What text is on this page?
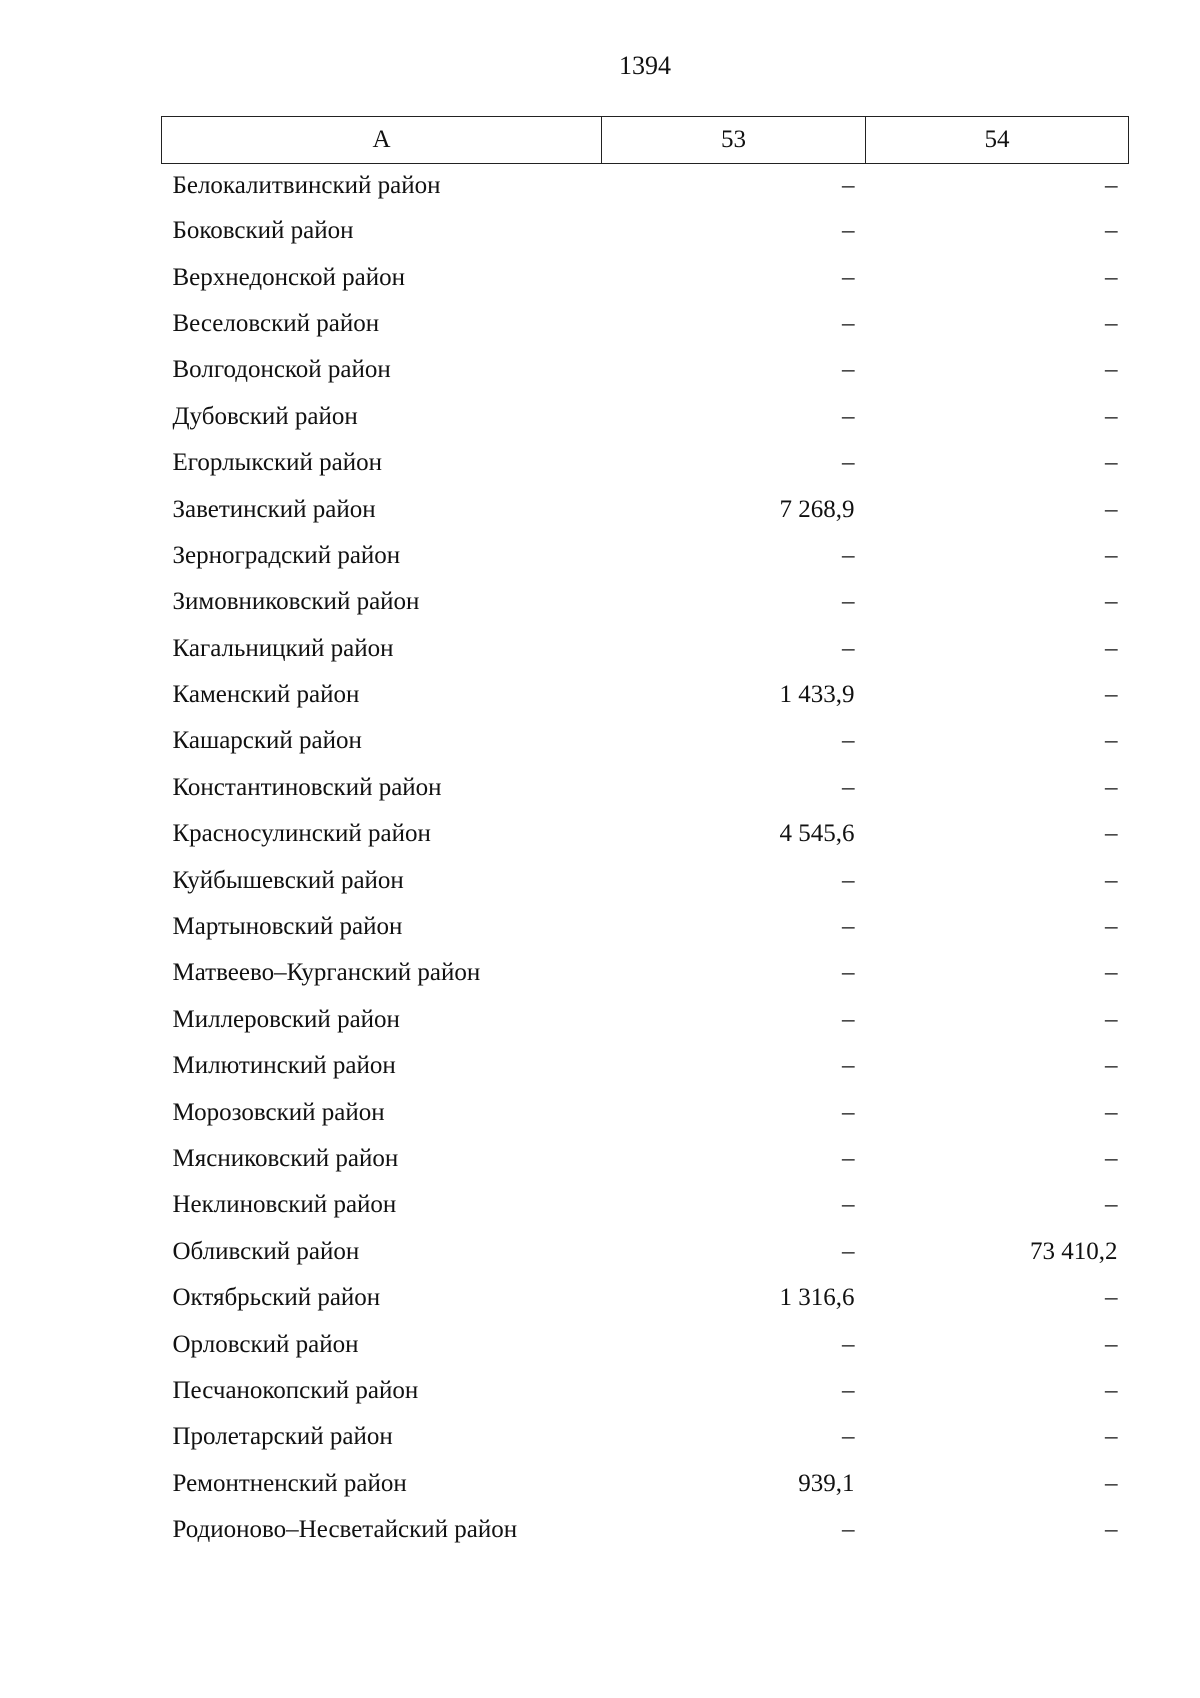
1394
А	53	54
Белокалитвинский район	–	–
Боковский район	–	–
Верхнедонской район	–	–
Веселовский район	–	–
Волгодонской район	–	–
Дубовский район	–	–
Егорлыкский район	–	–
Заветинский район	7 268,9	–
Зерноградский район	–	–
Зимовниковский район	–	–
Кагальницкий район	–	–
Каменский район	1 433,9	–
Кашарский район	–	–
Константиновский район	–	–
Красносулинский район	4 545,6	–
Куйбышевский район	–	–
Мартыновский район	–	–
Матвеево–Курганский район	–	–
Миллеровский район	–	–
Милютинский район	–	–
Морозовский район	–	–
Мясниковский район	–	–
Неклиновский район	–	–
Обливский район	–	73 410,2
Октябрьский район	1 316,6	–
Орловский район	–	–
Песчанокопский район	–	–
Пролетарский район	–	–
Ремонтненский район	939,1	–
Родионово–Несветайский район	–	–
